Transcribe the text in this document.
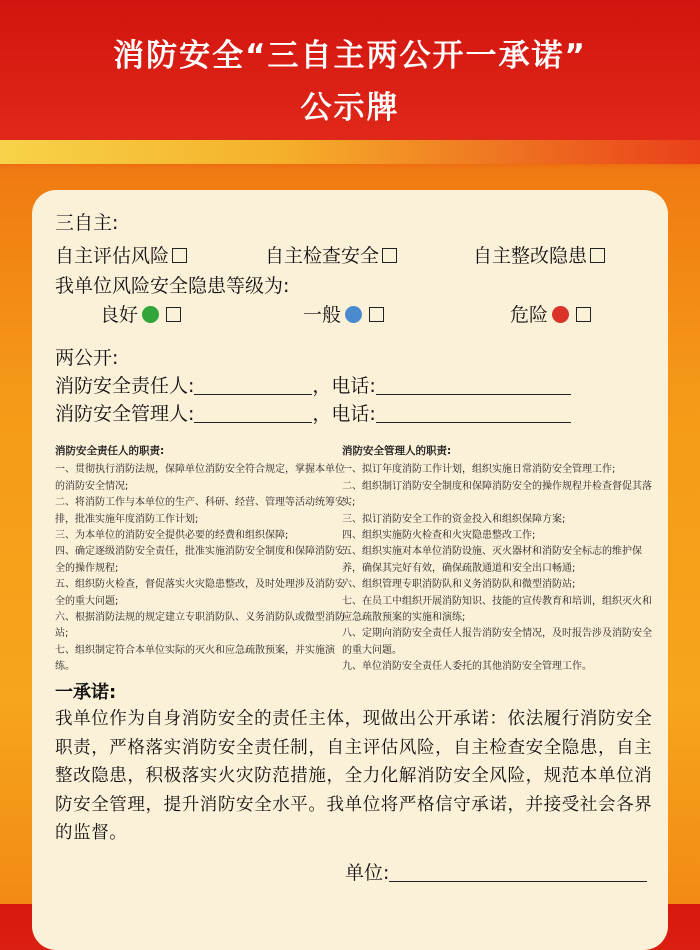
消防安全“三自主两公开一承诺”
公示牌
三自主:
自主评估风险	自主检查安全	自主整改隐患
我单位风险安全隐患等级为:
良好	一般	危险
两公开:
消防安全责任人:	，电话:
消防安全管理人:	，电话:
消防安全责任人的职责:
一、贯彻执行消防法规，保障单位消防安全符合规定，掌握本单位的消防安全情况;
二、将消防工作与本单位的生产、科研、经营、管理等活动统筹安排，批准实施年度消防工作计划;
三、为本单位的消防安全提供必要的经费和组织保障;
四、确定逐级消防安全责任，批准实施消防安全制度和保障消防安全的操作规程;
五、组织防火检查，督促落实火灾隐患整改，及时处理涉及消防安全的重大问题;
六、根据消防法规的规定建立专职消防队、义务消防队或微型消防站;
七、组织制定符合本单位实际的灭火和应急疏散预案，并实施演练。
消防安全管理人的职责:
一、拟订年度消防工作计划，组织实施日常消防安全管理工作;
二、组织制订消防安全制度和保障消防安全的操作规程并检查督促其落实;
三、拟订消防安全工作的资金投入和组织保障方案;
四、组织实施防火检查和火灾隐患整改工作;
五、组织实施对本单位消防设施、灭火器材和消防安全标志的维护保养，确保其完好有效，确保疏散通道和安全出口畅通;
六、组织管理专职消防队和义务消防队和微型消防站;
七、在员工中组织开展消防知识、技能的宣传教育和培训，组织灭火和应急疏散预案的实施和演练;
八、定期向消防安全责任人报告消防安全情况，及时报告涉及消防安全的重大问题。
九、单位消防安全责任人委托的其他消防安全管理工作。
一承诺:
我单位作为自身消防安全的责任主体，现做出公开承诺：依法履行消防安全职责，严格落实消防安全责任制，自主评估风险，自主检查安全隐患，自主整改隐患，积极落实火灾防范措施，全力化解消防安全风险，规范本单位消防安全管理，提升消防安全水平。我单位将严格信守承诺，并接受社会各界的监督。
单位:
